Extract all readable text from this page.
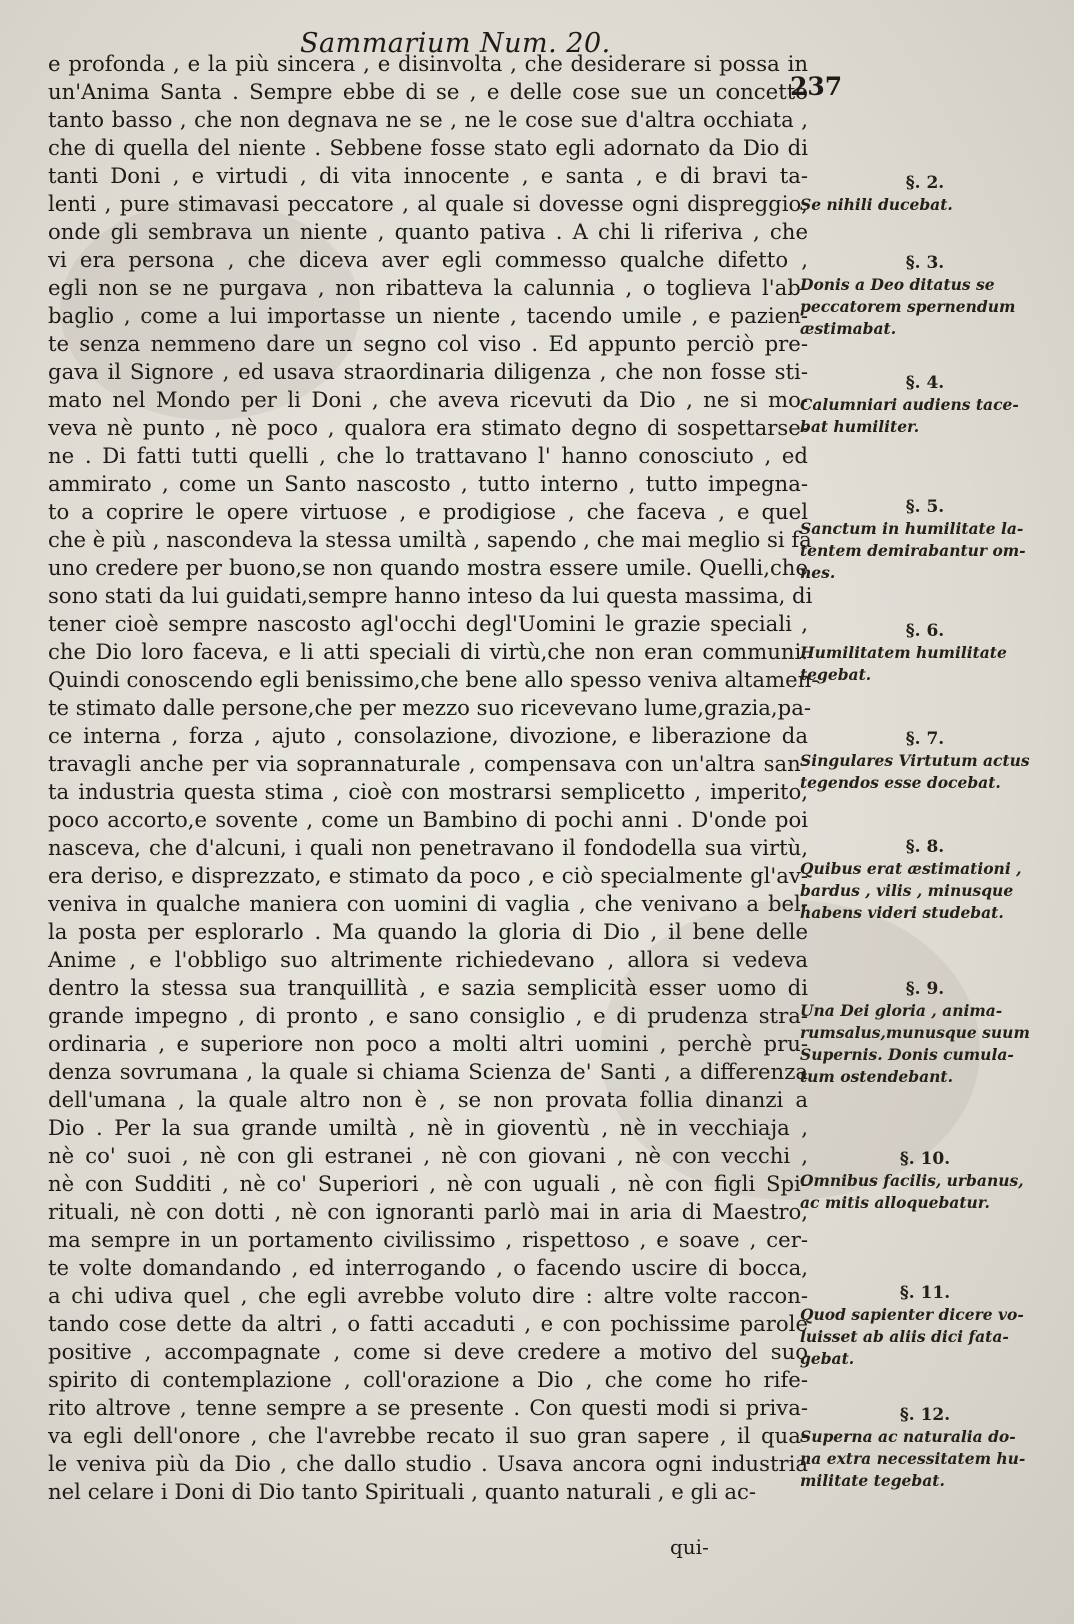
Sammarium Num. 20.
237
e profonda , e la più sincera , e disinvolta , che desiderare si possa in
un'Anima Santa . Sempre ebbe di se , e delle cose sue un concetto
tanto basso , che non degnava ne se , ne le cose sue d'altra occhiata ,
che di quella del niente . Sebbene fosse stato egli adornato da Dio di
tanti Doni , e virtudi , di vita innocente , e santa , e di bravi ta-
lenti , pure stimavasi peccatore , al quale si dovesse ogni dispreggio,
onde gli sembrava un niente , quanto pativa . A chi li riferiva , che
vi era persona , che diceva aver egli commesso qualche difetto ,
egli non se ne purgava , non ribatteva la calunnia , o toglieva l'ab-
baglio , come a lui importasse un niente , tacendo umile , e pazien-
te senza nemmeno dare un segno col viso . Ed appunto perciò pre-
gava il Signore , ed usava straordinaria diligenza , che non fosse sti-
mato nel Mondo per li Doni , che aveva ricevuti da Dio , ne si mo-
veva nè punto , nè poco , qualora era stimato degno di sospettarse-
ne . Di fatti tutti quelli , che lo trattavano l' hanno conosciuto , ed
ammirato , come un Santo nascosto , tutto interno , tutto impegna-
to a coprire le opere virtuose , e prodigiose , che faceva , e quel
che è più , nascondeva la stessa umiltà , sapendo , che mai meglio si fa
uno credere per buono,se non quando mostra essere umile. Quelli,che
sono stati da lui guidati,sempre hanno inteso da lui questa massima, di
tener cioè sempre nascosto agl'occhi degl'Uomini le grazie speciali ,
che Dio loro faceva, e li atti speciali di virtù,che non eran communi.
Quindi conoscendo egli benissimo,che bene allo spesso veniva altamen-
te stimato dalle persone,che per mezzo suo ricevevano lume,grazia,pa-
ce interna , forza , ajuto , consolazione, divozione, e liberazione da
travagli anche per via soprannaturale , compensava con un'altra san-
ta industria questa stima , cioè con mostrarsi semplicetto , imperito,
poco accorto,e sovente , come un Bambino di pochi anni . D'onde poi
nasceva, che d'alcuni, i quali non penetravano il fondodella sua virtù,
era deriso, e disprezzato, e stimato da poco , e ciò specialmente gl'av-
veniva in qualche maniera con uomini di vaglia , che venivano a bel-
la posta per esplorarlo . Ma quando la gloria di Dio , il bene delle
Anime , e l'obbligo suo altrimente richiedevano , allora si vedeva
dentro la stessa sua tranquillità , e sazia semplicità esser uomo di
grande impegno , di pronto , e sano consiglio , e di prudenza stra-
ordinaria , e superiore non poco a molti altri uomini , perchè pru-
denza sovrumana , la quale si chiama Scienza de' Santi , a differenza
dell'umana , la quale altro non è , se non provata follia dinanzi a
Dio . Per la sua grande umiltà , nè in gioventù , nè in vecchiaja ,
nè co' suoi , nè con gli estranei , nè con giovani , nè con vecchi ,
nè con Sudditi , nè co' Superiori , nè con uguali , nè con figli Spi-
rituali, nè con dotti , nè con ignoranti parlò mai in aria di Maestro,
ma sempre in un portamento civilissimo , rispettoso , e soave , cer-
te volte domandando , ed interrogando , o facendo uscire di bocca,
a chi udiva quel , che egli avrebbe voluto dire : altre volte raccon-
tando cose dette da altri , o fatti accaduti , e con pochissime parole
positive , accompagnate , come si deve credere a motivo del suo
spirito di contemplazione , coll'orazione a Dio , che come ho rife-
rito altrove , tenne sempre a se presente . Con questi modi si priva-
va egli dell'onore , che l'avrebbe recato il suo gran sapere , il qua-
le veniva più da Dio , che dallo studio . Usava ancora ogni industria
nel celare i Doni di Dio tanto Spirituali , quanto naturali , e gli ac-
qui-
§. 2.
Se nihili ducebat.
§. 3.
Donis a Deo ditatus se
peccatorem spernendum
æstimabat.
§. 4.
Calumniari audiens tace-
bat humiliter.
§. 5.
Sanctum in humilitate la-
tentem demirabantur om-
nes.
§. 6.
Humilitatem humilitate
tegebat.
§. 7.
Singulares Virtutum actus
tegendos esse docebat.
§. 8.
Quibus erat æstimationi ,
bardus , vilis , minusque
habens videri studebat.
§. 9.
Una Dei gloria , anima-
rumsalus,munusque suum
Supernis. Donis cumula-
tum ostendebant.
§. 10.
Omnibus facilis, urbanus,
ac mitis alloquebatur.
§. 11.
Quod sapienter dicere vo-
luisset ab aliis dici fata-
gebat.
§. 12.
Superna ac naturalia do-
na extra necessitatem hu-
militate tegebat.
